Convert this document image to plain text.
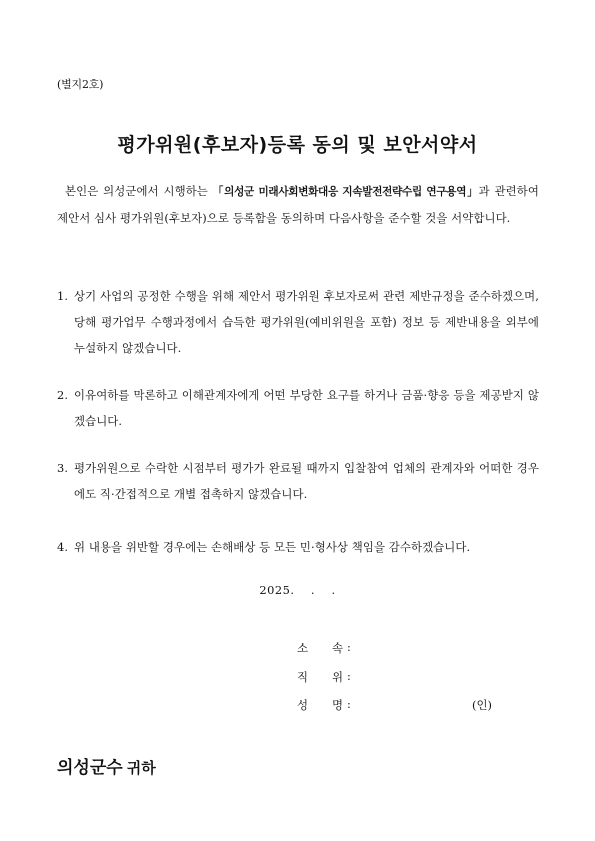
(별지2호)
평가위원(후보자)등록 동의 및 보안서약서
본인은 의성군에서 시행하는 「의성군 미래사회변화대응 지속발전전략수립 연구용역」과 관련하여 제안서 심사 평가위원(후보자)으로 등록함을 동의하며 다음사항을 준수할 것을 서약합니다.
1. 상기 사업의 공정한 수행을 위해 제안서 평가위원 후보자로써 관련 제반규정을 준수하겠으며, 당해 평가업무 수행과정에서 습득한 평가위원(예비위원을 포함) 정보 등 제반내용을 외부에 누설하지 않겠습니다.
2. 이유여하를 막론하고 이해관계자에게 어떤 부당한 요구를 하거나 금품·향응 등을 제공받지 않겠습니다.
3. 평가위원으로 수락한 시점부터 평가가 완료될 때까지 입찰참여 업체의 관계자와 어떠한 경우에도 직·간접적으로 개별 접촉하지 않겠습니다.
4. 위 내용을 위반할 경우에는 손해배상 등 모든 민·형사상 책임을 감수하겠습니다.
2025.    .    .
소 속 :
직 위 :
성 명 :	(인)
의성군수 귀하
